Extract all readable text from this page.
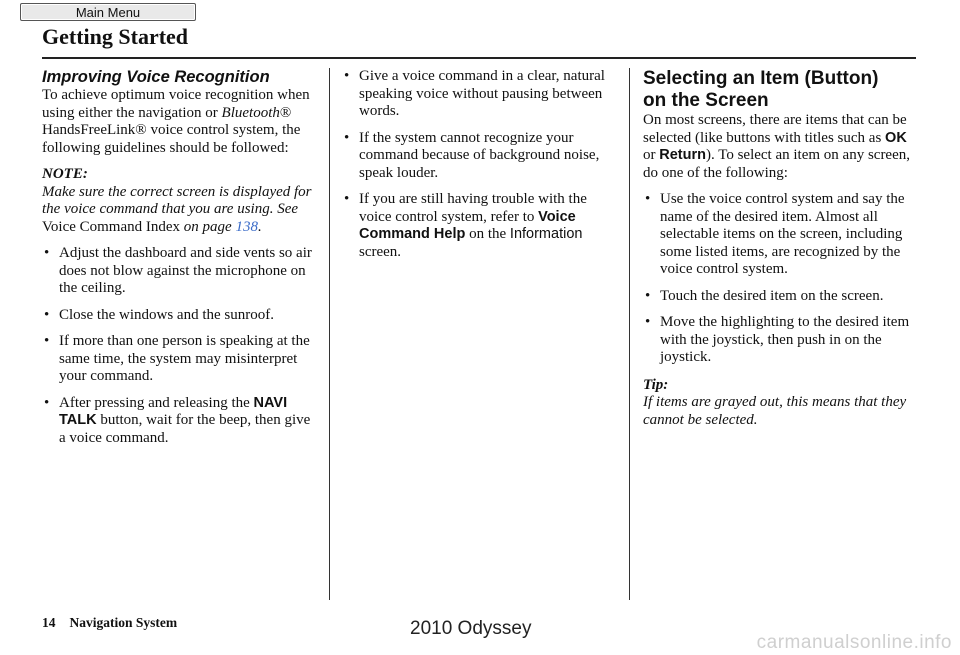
Main Menu
Getting Started

Improving Voice Recognition

To achieve optimum voice recognition when using either the navigation or Bluetooth® HandsFreeLink® voice control system, the following guidelines should be followed:

NOTE:

Make sure the correct screen is displayed for the voice command that you are using. See Voice Command Index on page 138.

• Adjust the dashboard and side vents so air does not blow against the microphone on the ceiling.
• Close the windows and the sunroof.
• If more than one person is speaking at the same time, the system may misinterpret your command.
• After pressing and releasing the NAVI TALK button, wait for the beep, then give a voice command.
• Give a voice command in a clear, natural speaking voice without pausing between words.
• If the system cannot recognize your command because of background noise, speak louder.
• If you are still having trouble with the voice control system, refer to Voice Command Help on the Information screen.

Selecting an Item (Button)
on the Screen

On most screens, there are items that can be selected (like buttons with titles such as OK or Return). To select an item on any screen, do one of the following:

• Use the voice control system and say the name of the desired item. Almost all selectable items on the screen, including some listed items, are recognized by the voice control system.
• Touch the desired item on the screen.
• Move the highlighting to the desired item with the joystick, then push in on the joystick.

Tip:

If items are grayed out, this means that they cannot be selected.

14 Navigation System	2010 Odyssey
carmanualsonline.info
